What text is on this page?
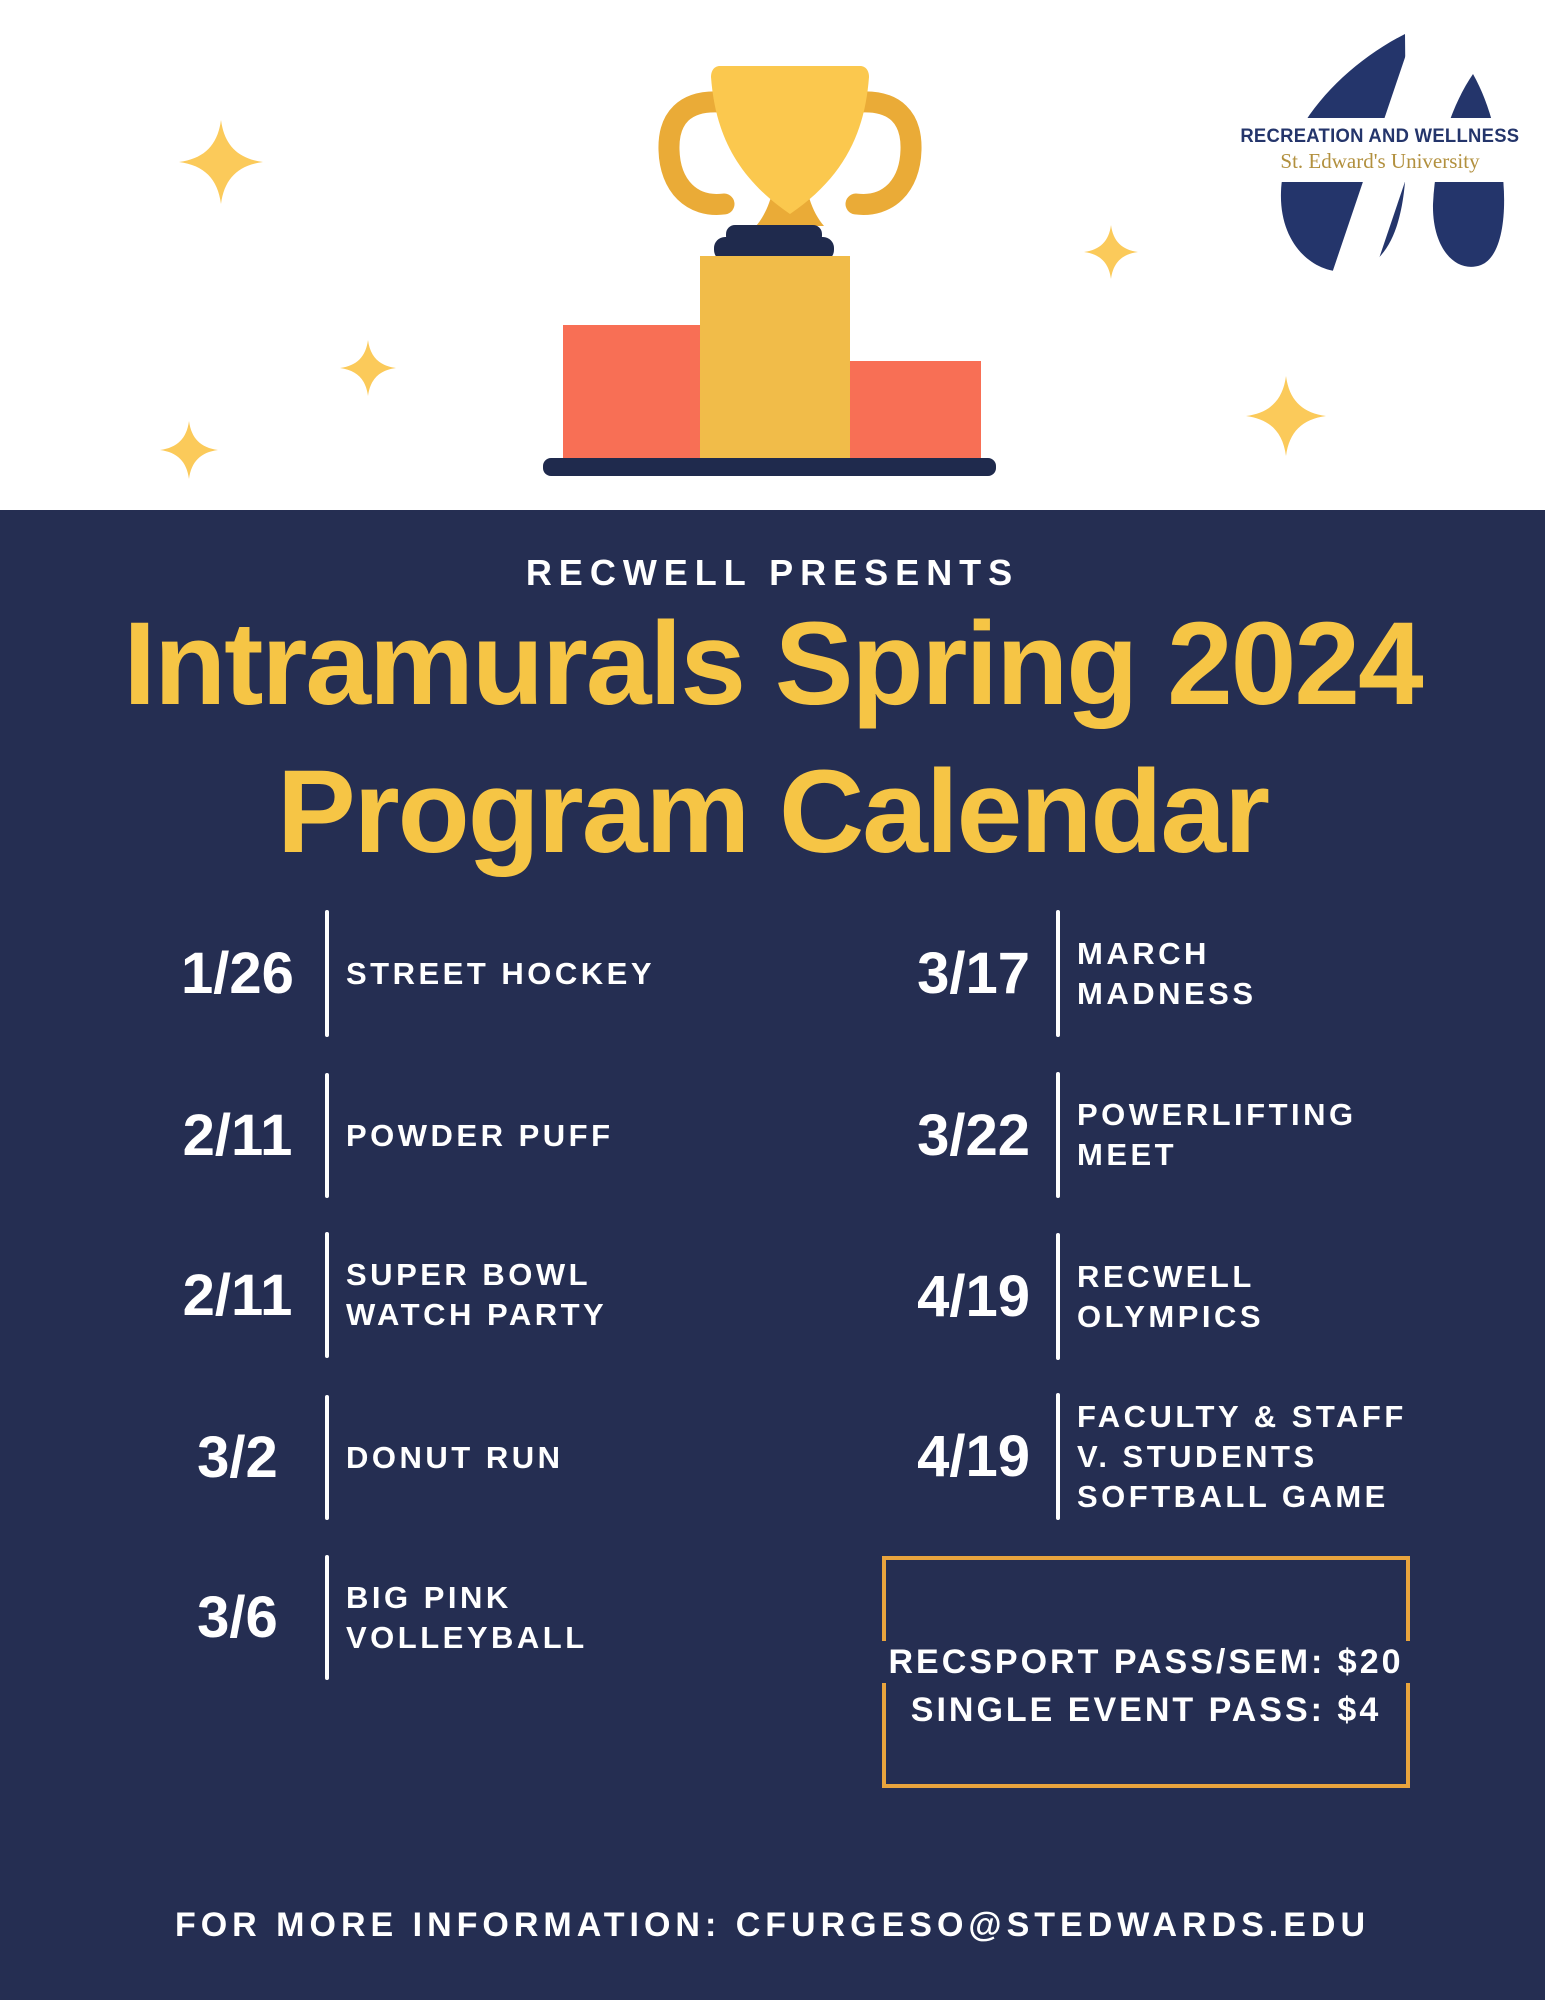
RECREATION AND WELLNESS
St. Edward's University
RECWELL PRESENTS
Intramurals Spring 2024
Program Calendar
1/26	STREET HOCKEY
2/11	POWDER PUFF
2/11	SUPER BOWL
WATCH PARTY
3/2	DONUT RUN
3/6	BIG PINK
VOLLEYBALL
3/17 MARCH
MADNESS
3/22 POWERLIFTING
MEET
4/19 RECWELL
OLYMPICS
4/19
FACULTY & STAFF
V. STUDENTS
SOFTBALL GAME
RECSPORT PASS/SEM: $20
SINGLE EVENT PASS: $4
FOR MORE INFORMATION: CFURGESO@STEDWARDS.EDU
